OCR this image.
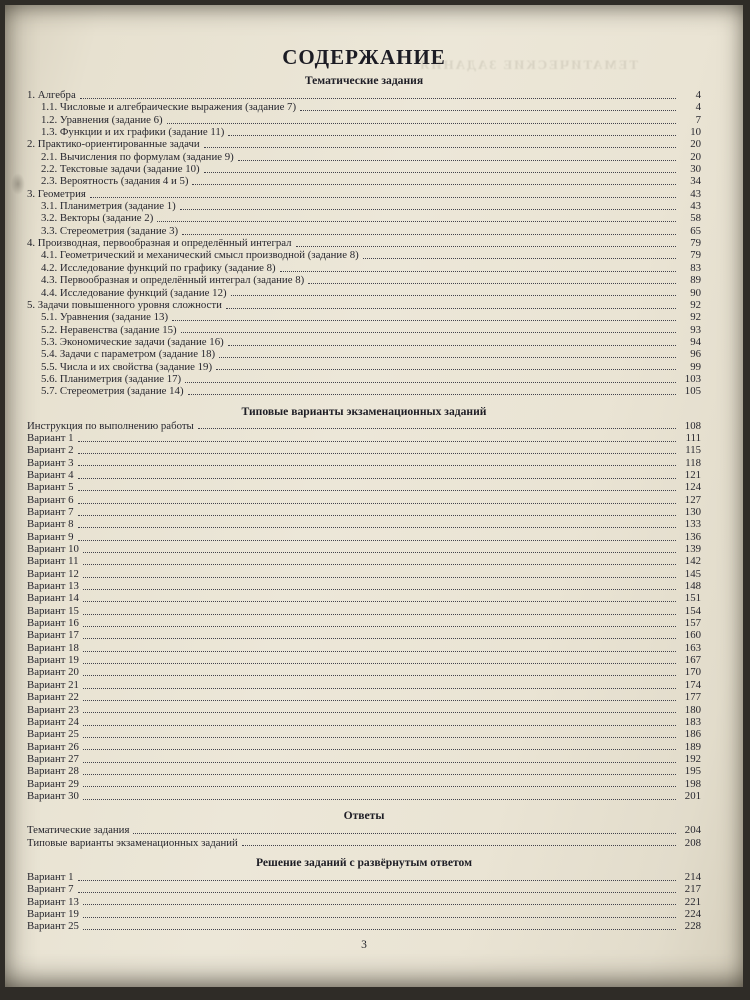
ТЕМАТИЧЕСКИЕ ЗАДАНИЯ
СОДЕРЖАНИЕ
Тематические задания
1. Алгебра	4
1.1. Числовые и алгебраические выражения (задание 7)	4
1.2. Уравнения (задание 6)	7
1.3. Функции и их графики (задание 11)	10
2. Практико-ориентированные задачи	20
2.1. Вычисления по формулам (задание 9)	20
2.2. Текстовые задачи (задание 10)	30
2.3. Вероятность (задания 4 и 5)	34
3. Геометрия	43
3.1. Планиметрия (задание 1)	43
3.2. Векторы (задание 2)	58
3.3. Стереометрия (задание 3)	65
4. Производная, первообразная и определённый интеграл	79
4.1. Геометрический и механический смысл производной (задание 8)	79
4.2. Исследование функций по графику (задание 8)	83
4.3. Первообразная и определённый интеграл (задание 8)	89
4.4. Исследование функций (задание 12)	90
5. Задачи повышенного уровня сложности	92
5.1. Уравнения (задание 13)	92
5.2. Неравенства (задание 15)	93
5.3. Экономические задачи (задание 16)	94
5.4. Задачи с параметром (задание 18)	96
5.5. Числа и их свойства (задание 19)	99
5.6. Планиметрия (задание 17)	103
5.7. Стереометрия (задание 14)	105
Типовые варианты экзаменационных заданий
Инструкция по выполнению работы	108
Вариант 1	111
Вариант 2	115
Вариант 3	118
Вариант 4	121
Вариант 5	124
Вариант 6	127
Вариант 7	130
Вариант 8	133
Вариант 9	136
Вариант 10	139
Вариант 11	142
Вариант 12	145
Вариант 13	148
Вариант 14	151
Вариант 15	154
Вариант 16	157
Вариант 17	160
Вариант 18	163
Вариант 19	167
Вариант 20	170
Вариант 21	174
Вариант 22	177
Вариант 23	180
Вариант 24	183
Вариант 25	186
Вариант 26	189
Вариант 27	192
Вариант 28	195
Вариант 29	198
Вариант 30	201
Ответы
Тематические задания	204
Типовые варианты экзаменационных заданий	208
Решение заданий с развёрнутым ответом
Вариант 1	214
Вариант 7	217
Вариант 13	221
Вариант 19	224
Вариант 25	228
3
